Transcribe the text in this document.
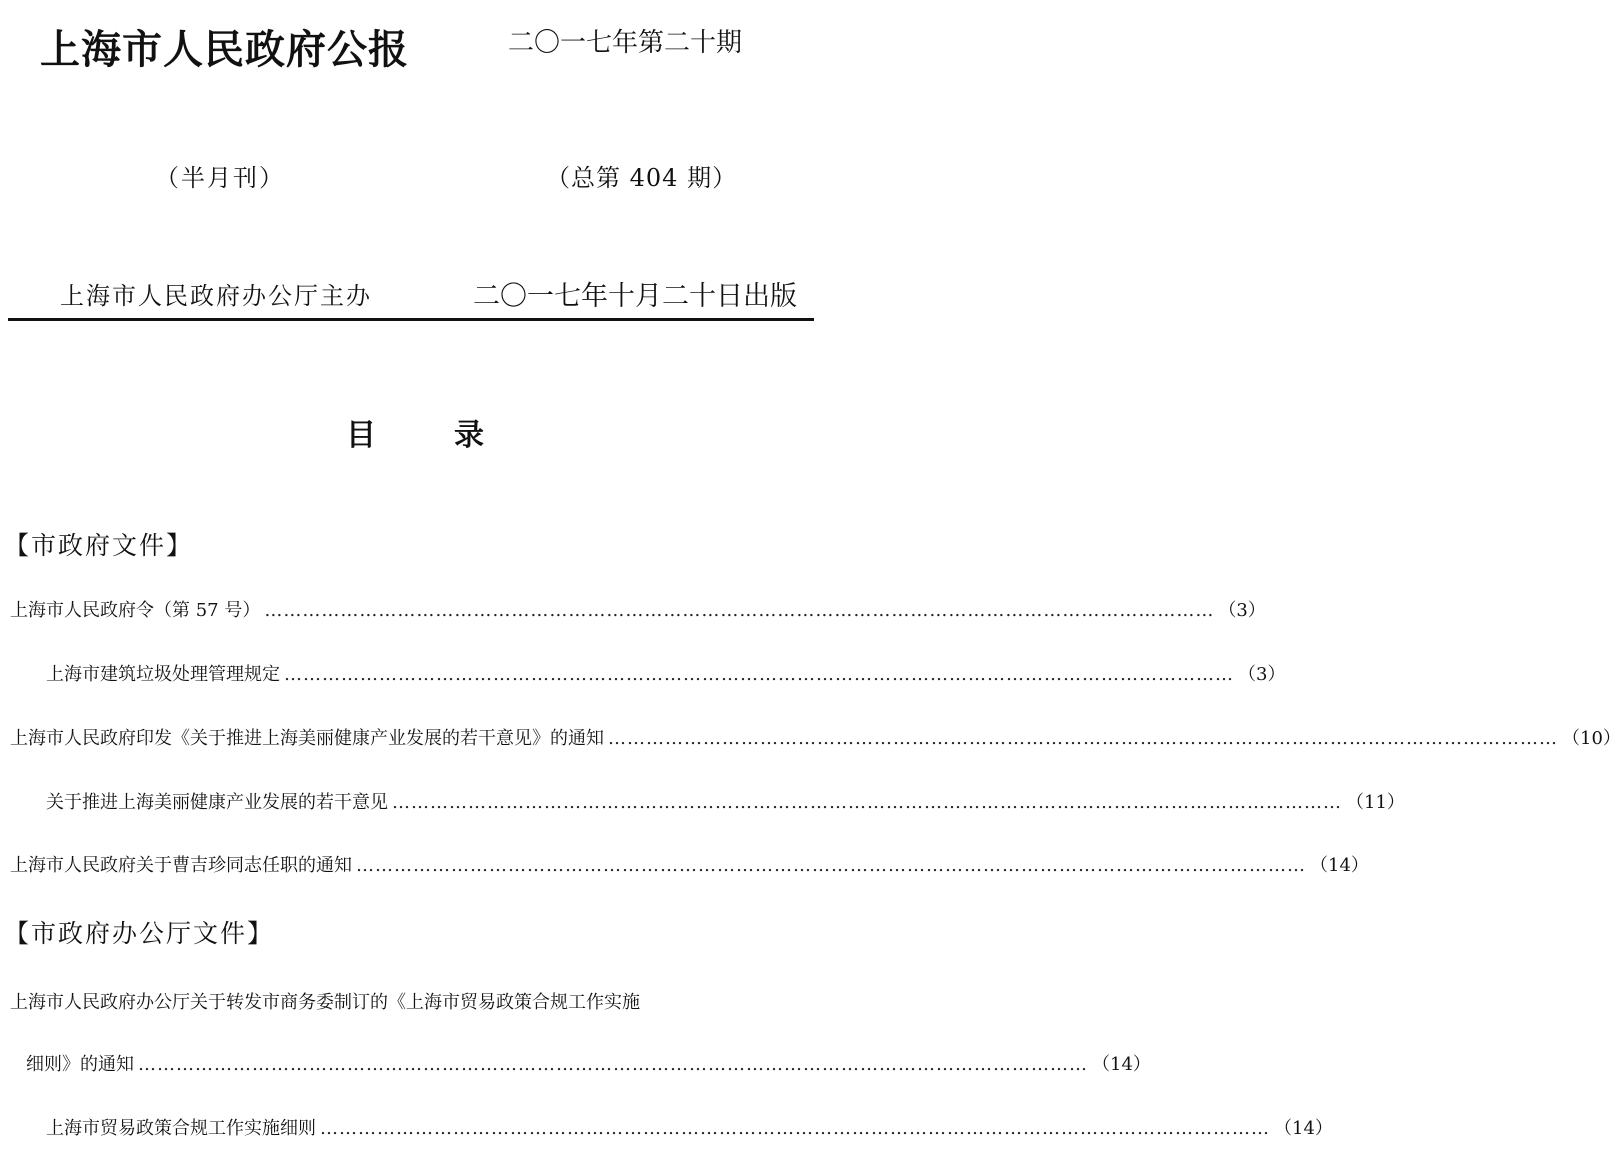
上海市人民政府公报	二〇一七年第二十期
（半月刊）	（总第 404 期）
上海市人民政府办公厅主办	二〇一七年十月二十日出版
目录
【市政府文件】
上海市人民政府令（第 57 号） …………………………………………………………………………………………………………………………………… （3）
上海市建筑垃圾处理管理规定 …………………………………………………………………………………………………………………………………… （3）
上海市人民政府印发《关于推进上海美丽健康产业发展的若干意见》的通知 …………………………………………………………………………………………………………………………………… （10）
关于推进上海美丽健康产业发展的若干意见 …………………………………………………………………………………………………………………………………… （11）
上海市人民政府关于曹吉珍同志任职的通知 …………………………………………………………………………………………………………………………………… （14）
【市政府办公厅文件】
上海市人民政府办公厅关于转发市商务委制订的《上海市贸易政策合规工作实施
细则》的通知 …………………………………………………………………………………………………………………………………… （14）
上海市贸易政策合规工作实施细则 …………………………………………………………………………………………………………………………………… （14）
